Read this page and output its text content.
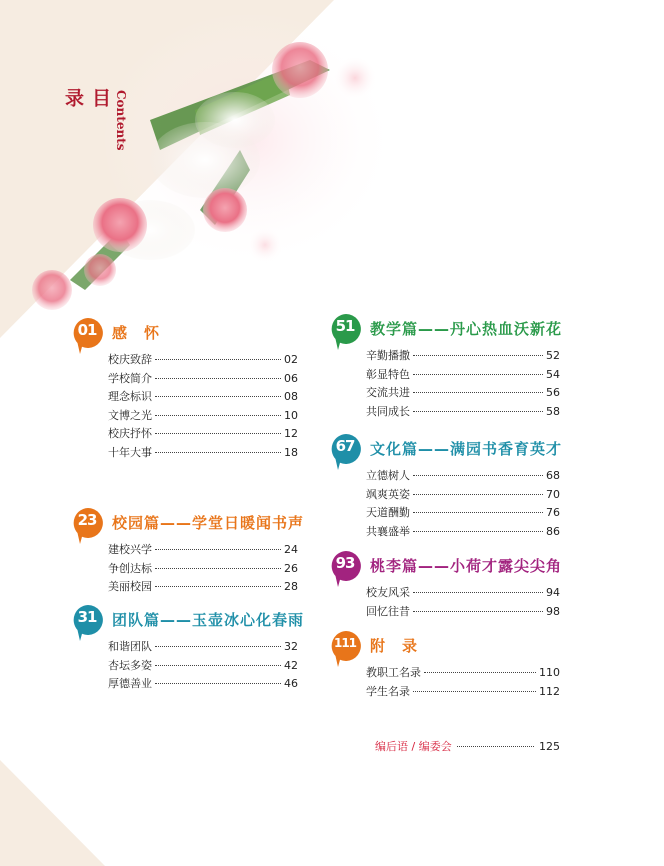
目录	Contents
01	感　怀
校庆致辞	02
学校简介	06
理念标识	08
文博之光	10
校庆抒怀	12
十年大事	18
23	校园篇——学堂日暖闻书声
建校兴学	24
争创达标	26
美丽校园	28
31	团队篇——玉壶冰心化春雨
和谐团队	32
杏坛多姿	42
厚德善业	46
51	教学篇——丹心热血沃新花
辛勤播撒	52
彰显特色	54
交流共进	56
共同成长	58
67	文化篇——满园书香育英才
立德树人	68
飒爽英姿	70
天道酬勤	76
共襄盛举	86
93	桃李篇——小荷才露尖尖角
校友风采	94
回忆往昔	98
111 附　录
教职工名录	110
学生名录	112
编后语 / 编委会	125
